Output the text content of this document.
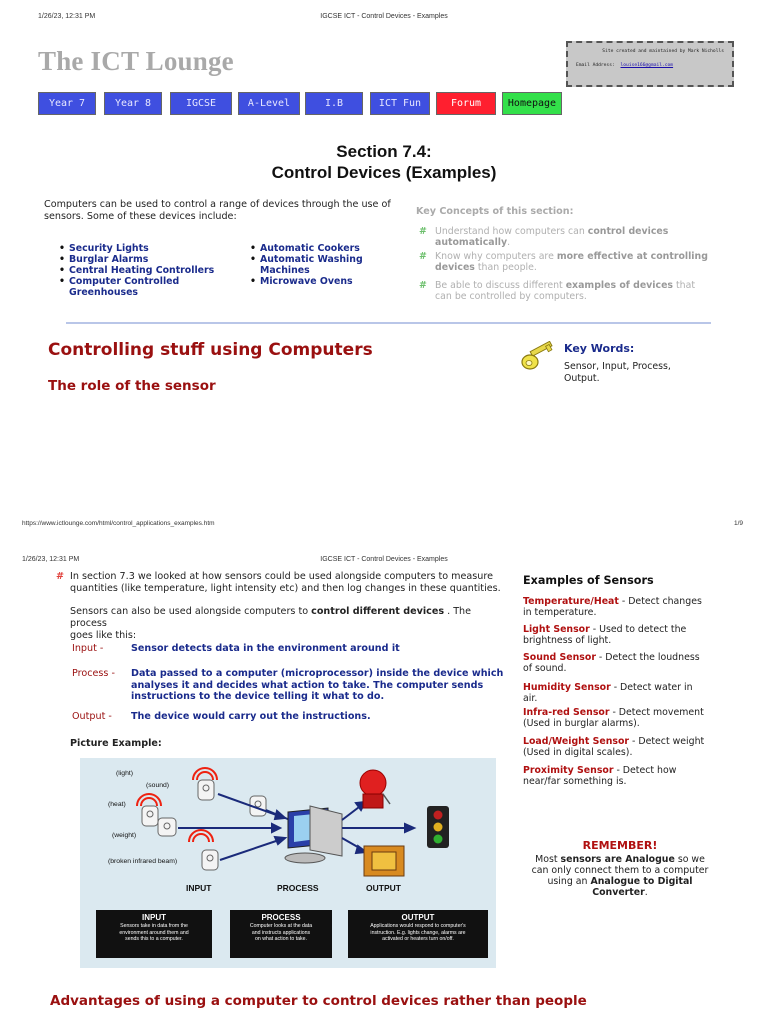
1/26/23, 12:31 PM	IGCSE ICT - Control Devices - Examples
The ICT Lounge	Site created and maintained by Mark Nicholls
Email Address: louise166@gmail.com
Year 7	Year 8	IGCSE	A-Level	I.B	ICT Fun	Forum	Homepage
Section 7.4:
Control Devices (Examples)
Computers can be used to control a range of devices through the use of
sensors. Some of these devices include:
• Security Lights
• Burglar Alarms
• Central Heating Controllers
• Computer Controlled
Greenhouses
• Automatic Cookers
• Automatic Washing
Machines
• Microwave Ovens
Key Concepts of this section:
# Understand how computers can control devices
automatically.
# Know why computers are more effective at controlling
devices than people.
# Be able to discuss different examples of devices that
can be controlled by computers.
Controlling stuff using Computers
The role of the sensor
Key Words:
Sensor, Input, Process,
Output.
https://www.ictlounge.com/html/control_applications_examples.htm	1/9
1/26/23, 12:31 PM	IGCSE ICT - Control Devices - Examples
# In section 7.3 we looked at how sensors could be used alongside computers to measure
quantities (like temperature, light intensity etc) and then log changes in these quantities.
Sensors can also be used alongside computers to control different devices . The process
goes like this:
Input -	Sensor detects data in the environment around it
Process - Data passed to a computer (microprocessor) inside the device which
analyses it and decides what action to take. The computer sends
instructions to the device telling it what to do.
Output - The device would carry out the instructions.
Picture Example:
(light)
(sound)
(heat)
(weight)
(broken infrared beam)
INPUT	PROCESS	OUTPUT
INPUT
Sensors take in data from the
environment around them and
sends this to a computer.
PROCESS
Computer looks at the data
and instructs applications
on what action to take.
OUTPUT
Applications would respond to computer's
instruction. E.g. lights change, alarms are
activated or heaters turn on/off.
Advantages of using a computer to control devices rather than people
Examples of Sensors
Temperature/Heat - Detect changes
in temperature.
Light Sensor - Used to detect the
brightness of light.
Sound Sensor - Detect the loudness
of sound.
Humidity Sensor - Detect water in
air.
Infra-red Sensor - Detect movement
(Used in burglar alarms).
Load/Weight Sensor - Detect weight
(Used in digital scales).
Proximity Sensor - Detect how
near/far something is.
REMEMBER!
Most sensors are Analogue so we
can only connect them to a computer
using an Analogue to Digital
Converter.
